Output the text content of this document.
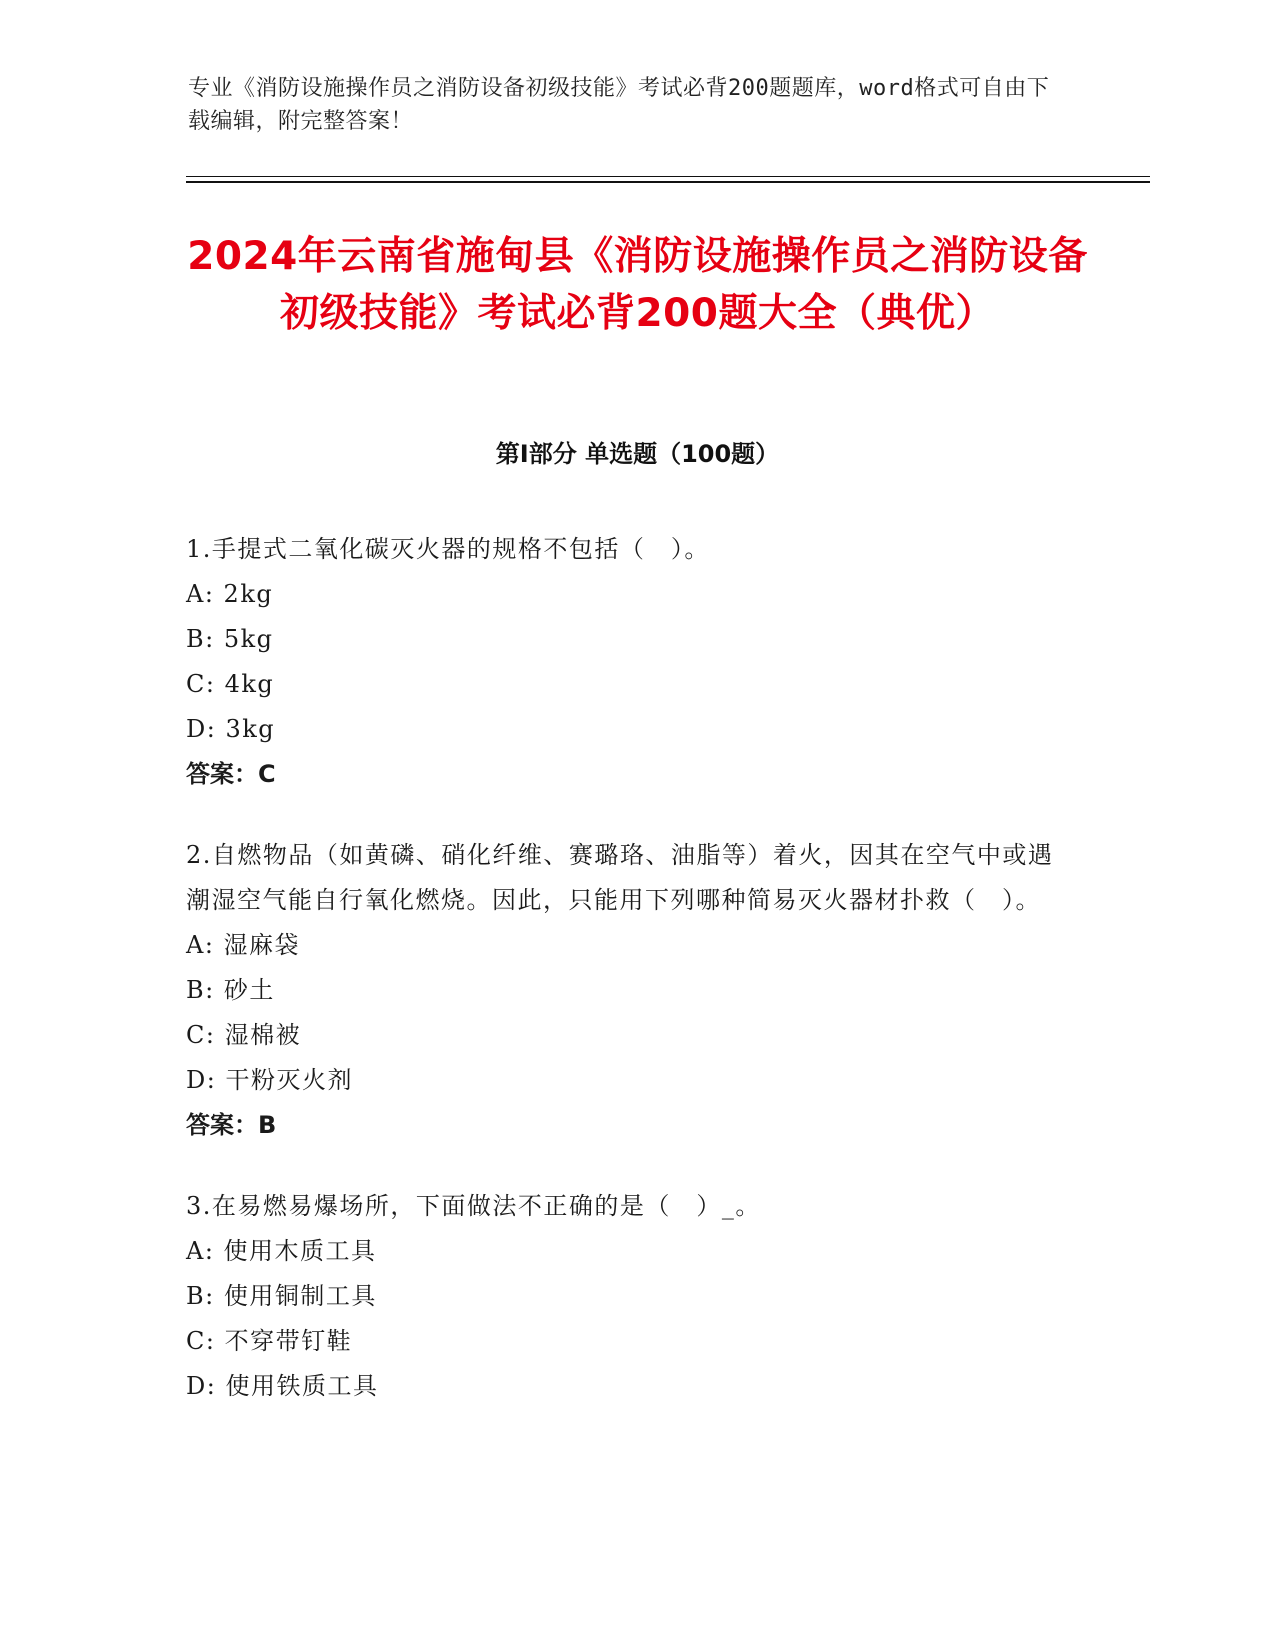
专业《消防设施操作员之消防设备初级技能》考试必背200题题库，word格式可自由下载编辑，附完整答案！
2024年云南省施甸县《消防设施操作员之消防设备初级技能》考试必背200题大全（典优）
第Ⅰ部分 单选题（100题）

1.手提式二氧化碳灭火器的规格不包括（　）。

A: 2kg

B: 5kg

C: 4kg

D: 3kg

答案：C

2.自燃物品（如黄磷、硝化纤维、赛璐珞、油脂等）着火，因其在空气中或遇潮湿空气能自行氧化燃烧。因此，只能用下列哪种简易灭火器材扑救（　）。

A: 湿麻袋

B: 砂土

C: 湿棉被

D: 干粉灭火剂

答案：B

3.在易燃易爆场所，下面做法不正确的是（　）_。

A: 使用木质工具

B: 使用铜制工具

C: 不穿带钉鞋

D: 使用铁质工具
